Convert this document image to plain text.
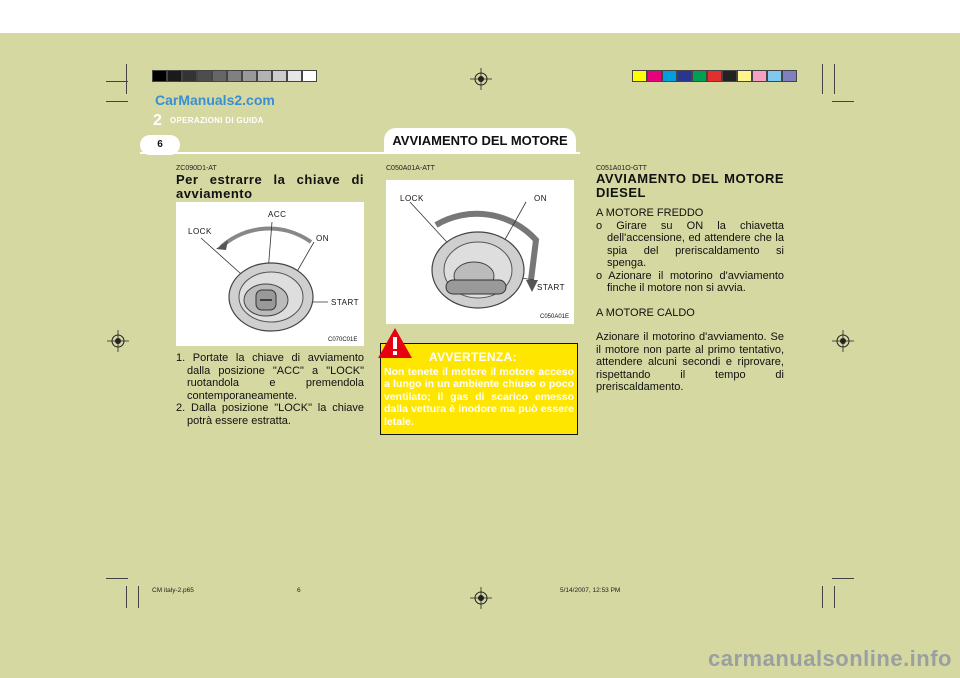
CarManuals2.com
2 OPERAZIONI DI GUIDA
6	AVVIAMENTO DEL MOTORE
ZC090D1-AT
Per estrarre la chiave di avviamento
ACC
LOCK
ON
START
C070C01E

1. Portate la chiave di avviamento dalla posizione "ACC" a "LOCK" ruotandola e premendola contemporaneamente.

2. Dalla posizione "LOCK" la chiave potrà essere estratta.

C050A01A-ATT
LOCK	ON
START
C050A01E
AVVERTENZA:
Non tenete il motore il motore acceso a lungo in un ambiente chiuso o poco ventilato; il gas di scarico emesso dalla vettura è inodore ma può essere letale.
C051A01O-GTT
AVVIAMENTO DEL MOTORE DIESEL

A MOTORE FREDDO

o Girare su ON la chiavetta dell'accensione, ed attendere che la spia del preriscaldamento si spenga.

o Azionare il motorino d'avviamento finche il motore non si avvia.

A MOTORE CALDO

Azionare il motorino d'avviamento. Se il motore non parte al primo tentativo, attendere alcuni secondi e riprovare, rispettando il tempo di preriscaldamento.

CM italy-2.p65	6	5/14/2007, 12:53 PM
carmanualsonline.info
